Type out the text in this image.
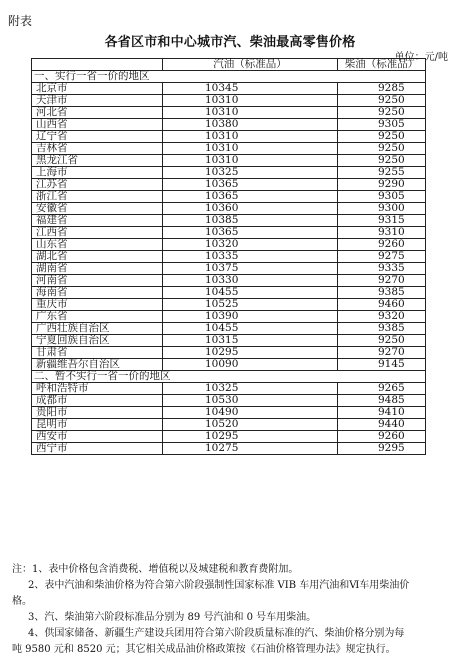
附表
各省区市和中心城市汽、柴油最高零售价格
单位：元/吨
	汽油（标准品）	柴油（标准品）
一、实行一省一价的地区		
北京市	10345	9285
天津市	10310	9250
河北省	10310	9250
山西省	10380	9305
辽宁省	10310	9250
吉林省	10310	9250
黑龙江省	10310	9250
上海市	10325	9255
江苏省	10365	9290
浙江省	10365	9305
安徽省	10360	9300
福建省	10385	9315
江西省	10365	9310
山东省	10320	9260
湖北省	10335	9275
湖南省	10375	9335
河南省	10330	9270
海南省	10455	9385
重庆市	10525	9460
广东省	10390	9320
广西壮族自治区	10455	9385
宁夏回族自治区	10315	9250
甘肃省	10295	9270
新疆维吾尔自治区	10090	9145
二、暂不实行一省一价的地区		
呼和浩特市	10325	9265
成都市	10530	9485
贵阳市	10490	9410
昆明市	10520	9440
西安市	10295	9260
西宁市	10275	9295

注：1、表中价格包含消费税、增值税以及城建税和教育费附加。

2、表中汽油和柴油价格为符合第六阶段强制性国家标准 VIB 车用汽油和Ⅵ车用柴油价

格。

3、汽、柴油第六阶段标准品分别为 89 号汽油和 0 号车用柴油。

4、供国家储备、新疆生产建设兵团用符合第六阶段质量标准的汽、柴油价格分别为每

吨 9580 元和 8520 元；其它相关成品油价格政策按《石油价格管理办法》规定执行。
